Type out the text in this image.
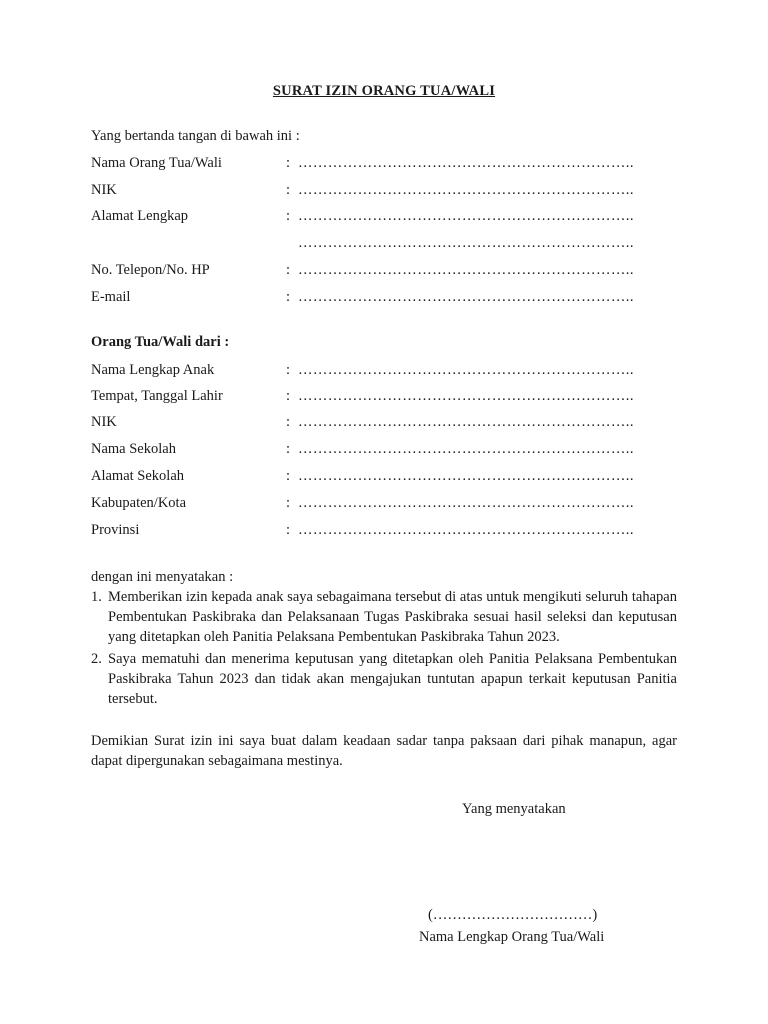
SURAT IZIN ORANG TUA/WALI
Yang bertanda tangan di bawah ini :
Nama Orang Tua/Wali	: …………………………………………………………..
NIK	: …………………………………………………………..
Alamat Lengkap	: …………………………………………………………..
…………………………………………………………..
No. Telepon/No. HP	: …………………………………………………………..
E-mail	: …………………………………………………………..
Orang Tua/Wali dari :
Nama Lengkap Anak	: …………………………………………………………..
Tempat, Tanggal Lahir	: …………………………………………………………..
NIK	: …………………………………………………………..
Nama Sekolah	: …………………………………………………………..
Alamat Sekolah	: …………………………………………………………..
Kabupaten/Kota	: …………………………………………………………..
Provinsi	: …………………………………………………………..
dengan ini menyatakan :
1. Memberikan izin kepada anak saya sebagaimana tersebut di atas untuk mengikuti seluruh tahapan Pembentukan Paskibraka dan Pelaksanaan Tugas Paskibraka sesuai hasil seleksi dan keputusan yang ditetapkan oleh Panitia Pelaksana Pembentukan Paskibraka Tahun 2023.
2. Saya mematuhi dan menerima keputusan yang ditetapkan oleh Panitia Pelaksana Pembentukan Paskibraka Tahun 2023 dan tidak akan mengajukan tuntutan apapun terkait keputusan Panitia tersebut.
Demikian Surat izin ini saya buat dalam keadaan sadar tanpa paksaan dari pihak manapun, agar dapat dipergunakan sebagaimana mestinya.
Yang menyatakan
(……………………………)
Nama Lengkap Orang Tua/Wali
